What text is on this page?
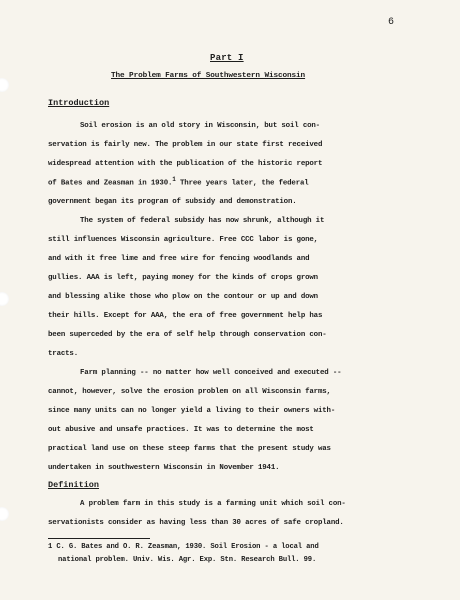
6
Part I
The Problem Farms of Southwestern Wisconsin
Introduction
Soil erosion is an old story in Wisconsin, but soil con-
servation is fairly new. The problem in our state first received
widespread attention with the publication of the historic report
of Bates and Zeasman in 1930.$^1$ Three years later, the federal
government began its program of subsidy and demonstration.
The system of federal subsidy has now shrunk, although it
still influences Wisconsin agriculture. Free CCC labor is gone,
and with it free lime and free wire for fencing woodlands and
gullies. AAA is left, paying money for the kinds of crops grown
and blessing alike those who plow on the contour or up and down
their hills. Except for AAA, the era of free government help has
been superceded by the era of self help through conservation con-
tracts.
Farm planning -- no matter how well conceived and executed --
cannot, however, solve the erosion problem on all Wisconsin farms,
since many units can no longer yield a living to their owners with-
out abusive and unsafe practices. It was to determine the most
practical land use on these steep farms that the present study was
undertaken in southwestern Wisconsin in November 1941.
Definition
A problem farm in this study is a farming unit which soil con-
servationists consider as having less than 30 acres of safe cropland.
1 C. G. Bates and O. R. Zeasman, 1930. Soil Erosion - a local and
national problem. Univ. Wis. Agr. Exp. Stn. Research Bull. 99.
